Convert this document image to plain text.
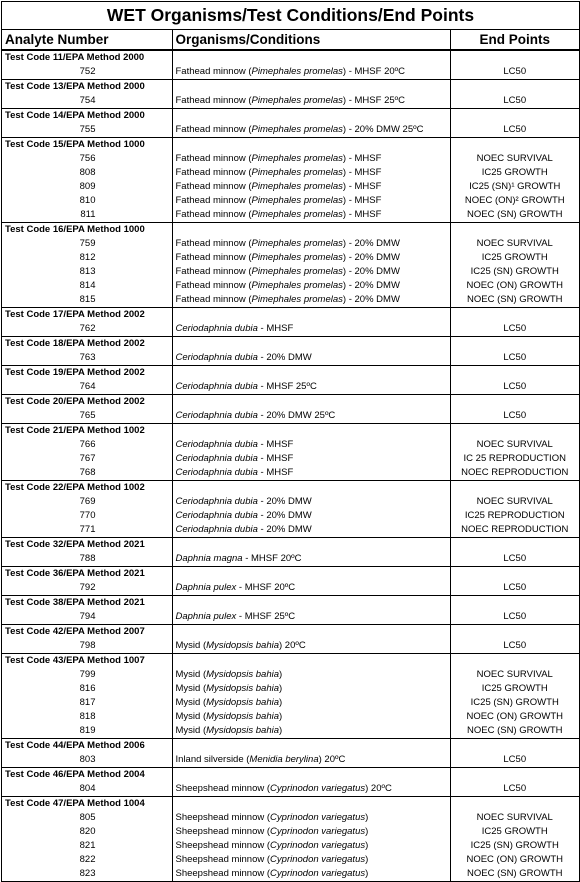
WET Organisms/Test Conditions/End Points
Analyte Number	Organisms/Conditions	End Points
Test Code 11/EPA Method 2000		
752	Fathead minnow (Pimephales promelas) - MHSF 20ºC	LC50
Test Code 13/EPA Method 2000		
754	Fathead minnow (Pimephales promelas) - MHSF 25ºC	LC50
Test Code 14/EPA Method 2000		
755	Fathead minnow (Pimephales promelas) - 20% DMW 25ºC	LC50
Test Code 15/EPA Method 1000		
756	Fathead minnow (Pimephales promelas) - MHSF	NOEC SURVIVAL
808	Fathead minnow (Pimephales promelas) - MHSF	IC25 GROWTH
809	Fathead minnow (Pimephales promelas) - MHSF	IC25 (SN)¹ GROWTH
810	Fathead minnow (Pimephales promelas) - MHSF	NOEC (ON)² GROWTH
811	Fathead minnow (Pimephales promelas) - MHSF	NOEC (SN) GROWTH
Test Code 16/EPA Method 1000		
759	Fathead minnow (Pimephales promelas) - 20% DMW	NOEC SURVIVAL
812	Fathead minnow (Pimephales promelas) - 20% DMW	IC25 GROWTH
813	Fathead minnow (Pimephales promelas) - 20% DMW	IC25 (SN) GROWTH
814	Fathead minnow (Pimephales promelas) - 20% DMW	NOEC (ON) GROWTH
815	Fathead minnow (Pimephales promelas) - 20% DMW	NOEC (SN) GROWTH
Test Code 17/EPA Method 2002		
762	Ceriodaphnia dubia - MHSF	LC50
Test Code 18/EPA Method 2002		
763	Ceriodaphnia dubia - 20% DMW	LC50
Test Code 19/EPA Method 2002		
764	Ceriodaphnia dubia - MHSF 25ºC	LC50
Test Code 20/EPA Method 2002		
765	Ceriodaphnia dubia - 20% DMW 25ºC	LC50
Test Code 21/EPA Method 1002		
766	Ceriodaphnia dubia - MHSF	NOEC SURVIVAL
767	Ceriodaphnia dubia - MHSF	IC 25 REPRODUCTION
768	Ceriodaphnia dubia - MHSF	NOEC REPRODUCTION
Test Code 22/EPA Method 1002		
769	Ceriodaphnia dubia - 20% DMW	NOEC SURVIVAL
770	Ceriodaphnia dubia - 20% DMW	IC25 REPRODUCTION
771	Ceriodaphnia dubia - 20% DMW	NOEC REPRODUCTION
Test Code 32/EPA Method 2021		
788	Daphnia magna - MHSF 20ºC	LC50
Test Code 36/EPA Method 2021		
792	Daphnia pulex - MHSF 20ºC	LC50
Test Code 38/EPA Method 2021		
794	Daphnia pulex - MHSF 25ºC	LC50
Test Code 42/EPA Method 2007		
798	Mysid (Mysidopsis bahia) 20ºC	LC50
Test Code 43/EPA Method 1007		
799	Mysid (Mysidopsis bahia)	NOEC SURVIVAL
816	Mysid (Mysidopsis bahia)	IC25 GROWTH
817	Mysid (Mysidopsis bahia)	IC25 (SN) GROWTH
818	Mysid (Mysidopsis bahia)	NOEC (ON) GROWTH
819	Mysid (Mysidopsis bahia)	NOEC (SN) GROWTH
Test Code 44/EPA Method 2006		
803	Inland silverside (Menidia berylina) 20ºC	LC50
Test Code 46/EPA Method 2004		
804	Sheepshead minnow (Cyprinodon variegatus) 20ºC	LC50
Test Code 47/EPA Method 1004		
805	Sheepshead minnow (Cyprinodon variegatus)	NOEC SURVIVAL
820	Sheepshead minnow (Cyprinodon variegatus)	IC25 GROWTH
821	Sheepshead minnow (Cyprinodon variegatus)	IC25 (SN) GROWTH
822	Sheepshead minnow (Cyprinodon variegatus)	NOEC (ON) GROWTH
823	Sheepshead minnow (Cyprinodon variegatus)	NOEC (SN) GROWTH
